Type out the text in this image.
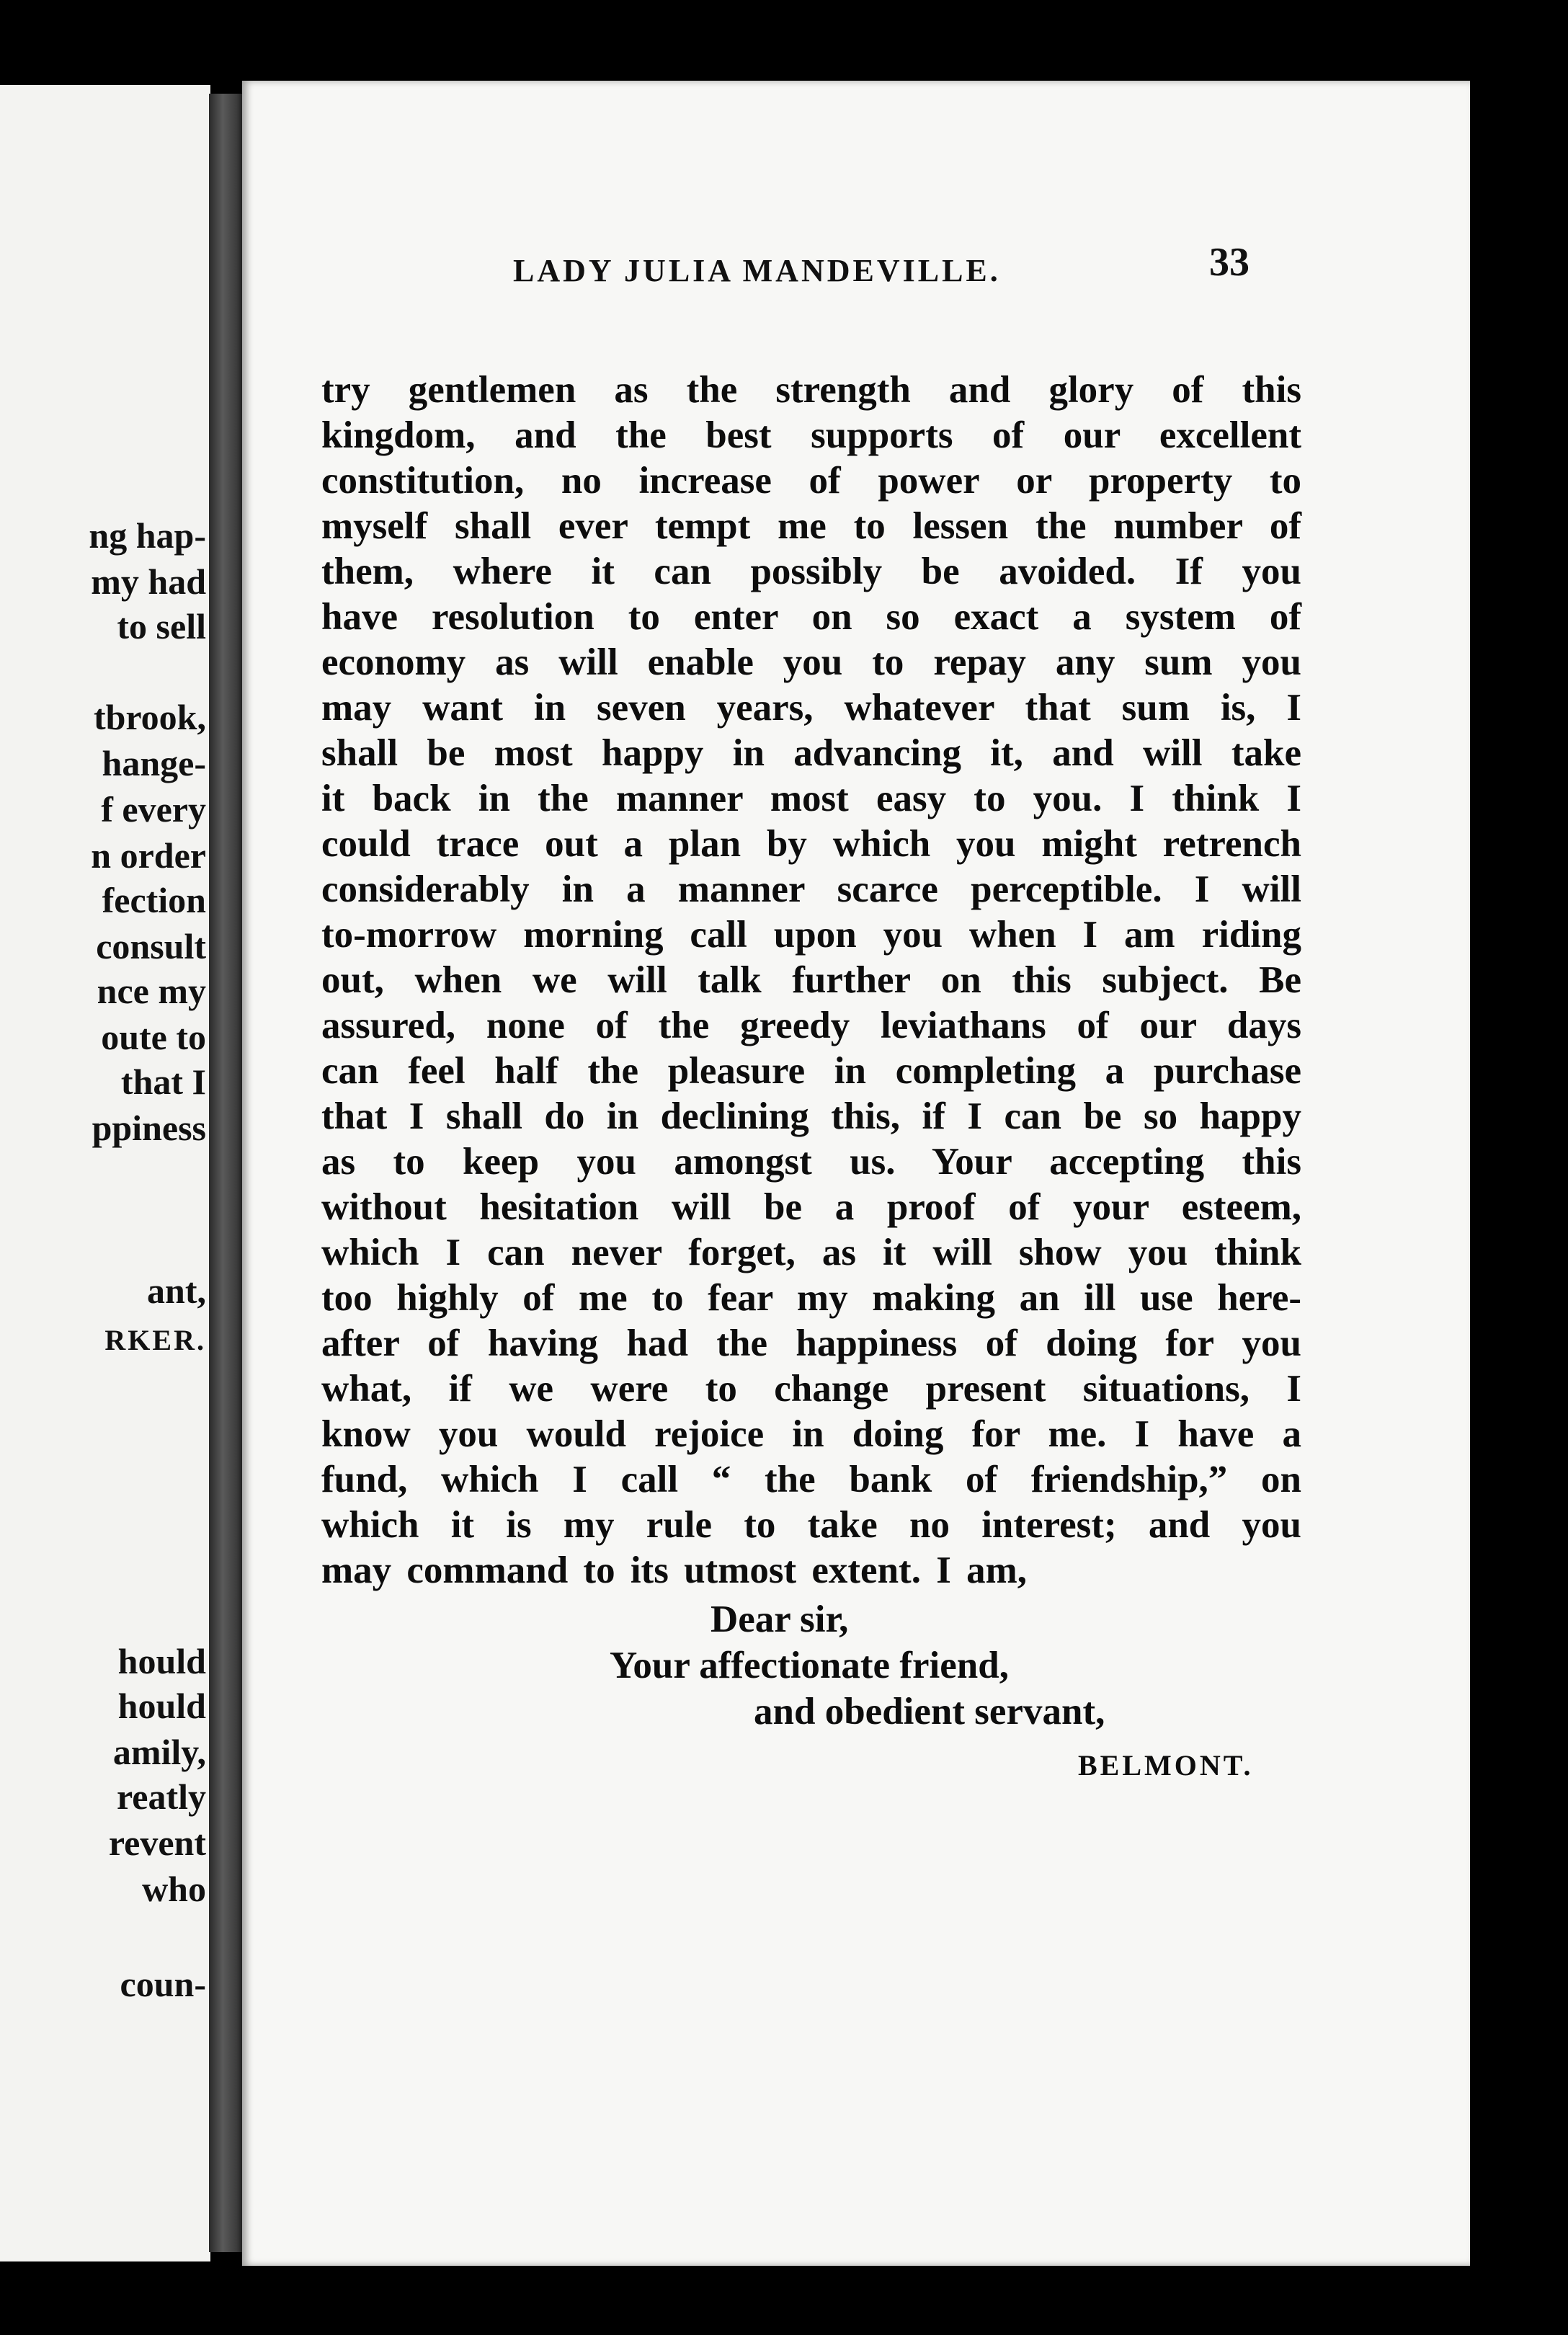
ng hap-
my had
to sell
tbrook,
hange-
f every
n order
fection
consult
nce my
oute to
that I
ppiness
ant,
RKER.
hould
hould
amily,
reatly
revent
who
coun-
LADY JULIA MANDEVILLE.	33
try gentlemen as the strength and glory of this
kingdom, and the best supports of our excellent
constitution, no increase of power or property to
myself shall ever tempt me to lessen the number of
them, where it can possibly be avoided. If you
have resolution to enter on so exact a system of
economy as will enable you to repay any sum you
may want in seven years, whatever that sum is, I
shall be most happy in advancing it, and will take
it back in the manner most easy to you. I think I
could trace out a plan by which you might retrench
considerably in a manner scarce perceptible. I will
to-morrow morning call upon you when I am riding
out, when we will talk further on this subject. Be
assured, none of the greedy leviathans of our days
can feel half the pleasure in completing a purchase
that I shall do in declining this, if I can be so happy
as to keep you amongst us. Your accepting this
without hesitation will be a proof of your esteem,
which I can never forget, as it will show you think
too highly of me to fear my making an ill use here-
after of having had the happiness of doing for you
what, if we were to change present situations, I
know you would rejoice in doing for me. I have a
fund, which I call “ the bank of friendship,” on
which it is my rule to take no interest; and you
may command to its utmost extent. I am,
Dear sir,
Your affectionate friend,
and obedient servant,
BELMONT.
